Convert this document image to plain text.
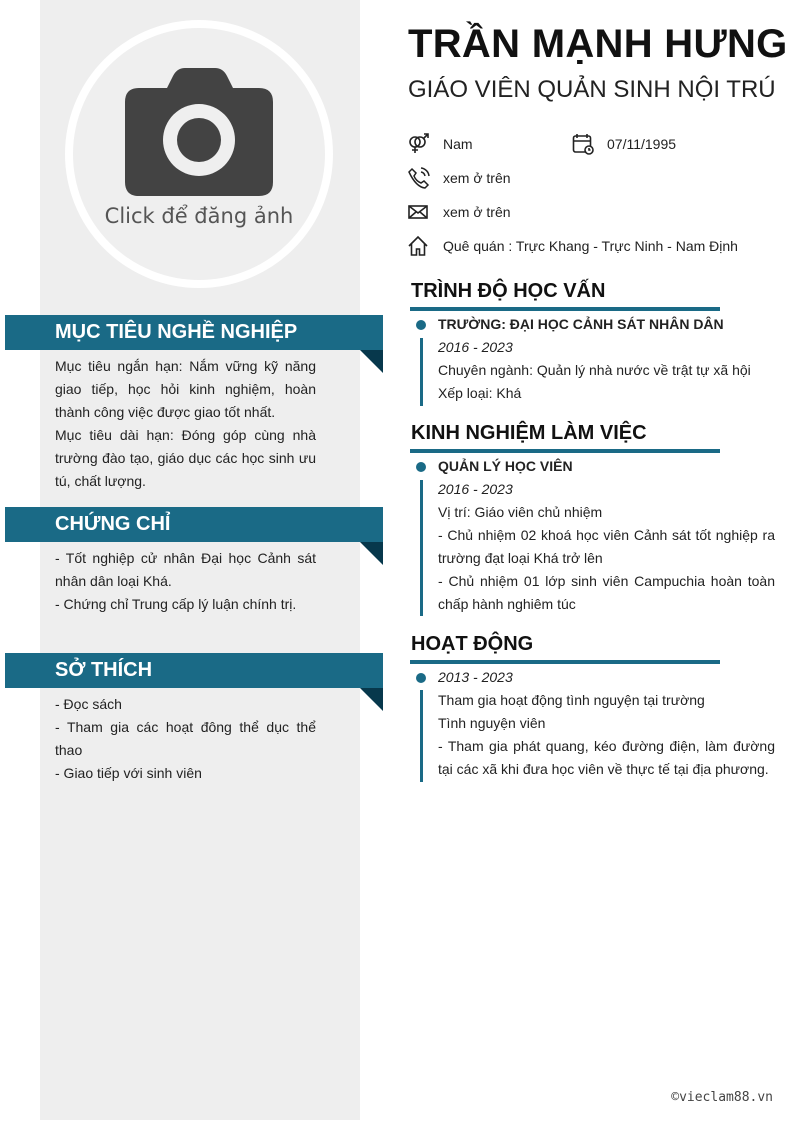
Click để đăng ảnh
MỤC TIÊU NGHỀ NGHIỆP
Mục tiêu ngắn hạn: Nắm vững kỹ năng giao tiếp, học hỏi kinh nghiệm, hoàn thành công việc được giao tốt nhất.
Mục tiêu dài hạn: Đóng góp cùng nhà trường đào tạo, giáo dục các học sinh ưu tú, chất lượng.
CHỨNG CHỈ
- Tốt nghiệp cử nhân Đại học Cảnh sát nhân dân loại Khá.
- Chứng chỉ Trung cấp lý luận chính trị.
SỞ THÍCH
- Đọc sách
- Tham gia các hoạt đông thể dục thể thao
- Giao tiếp với sinh viên
TRẦN MẠNH HƯNG
GIÁO VIÊN QUẢN SINH NỘI TRÚ
Nam	07/11/1995
xem ở trên
xem ở trên
Quê quán : Trực Khang - Trực Ninh - Nam Định
TRÌNH ĐỘ HỌC VẤN
TRƯỜNG: ĐẠI HỌC CẢNH SÁT NHÂN DÂN
2016 - 2023
Chuyên ngành: Quản lý nhà nước về trật tự xã hội
Xếp loại: Khá
KINH NGHIỆM LÀM VIỆC
QUẢN LÝ HỌC VIÊN
2016 - 2023
Vị trí: Giáo viên chủ nhiệm
- Chủ nhiệm 02 khoá học viên Cảnh sát tốt nghiệp ra trường đạt loại Khá trở lên
- Chủ nhiệm 01 lớp sinh viên Campuchia hoàn toàn chấp hành nghiêm túc
HOẠT ĐỘNG
2013 - 2023
Tham gia hoạt động tình nguyện tại trường
Tình nguyện viên
- Tham gia phát quang, kéo đường điện, làm đường tại các xã khi đưa học viên về thực tế tại địa phương.
©vieclam88.vn
